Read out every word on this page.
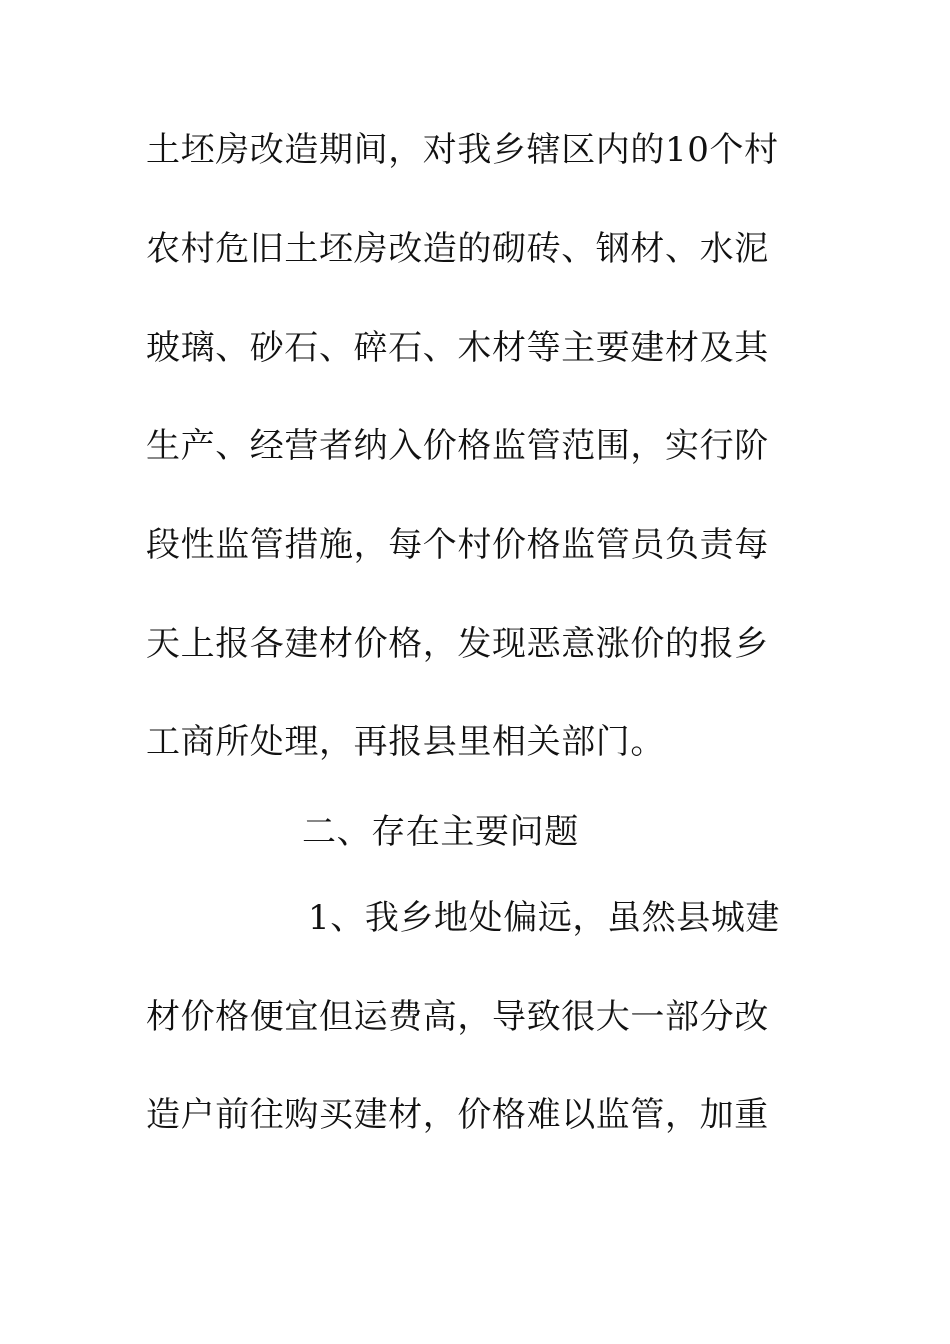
土坯房改造期间，对我乡辖区内的10个村
农村危旧土坯房改造的砌砖、钢材、水泥
玻璃、砂石、碎石、木材等主要建材及其
生产、经营者纳入价格监管范围，实行阶
段性监管措施，每个村价格监管员负责每
天上报各建材价格，发现恶意涨价的报乡
工商所处理，再报县里相关部门。
二、存在主要问题
1、我乡地处偏远，虽然县城建
材价格便宜但运费高，导致很大一部分改
造户前往购买建材，价格难以监管，加重
